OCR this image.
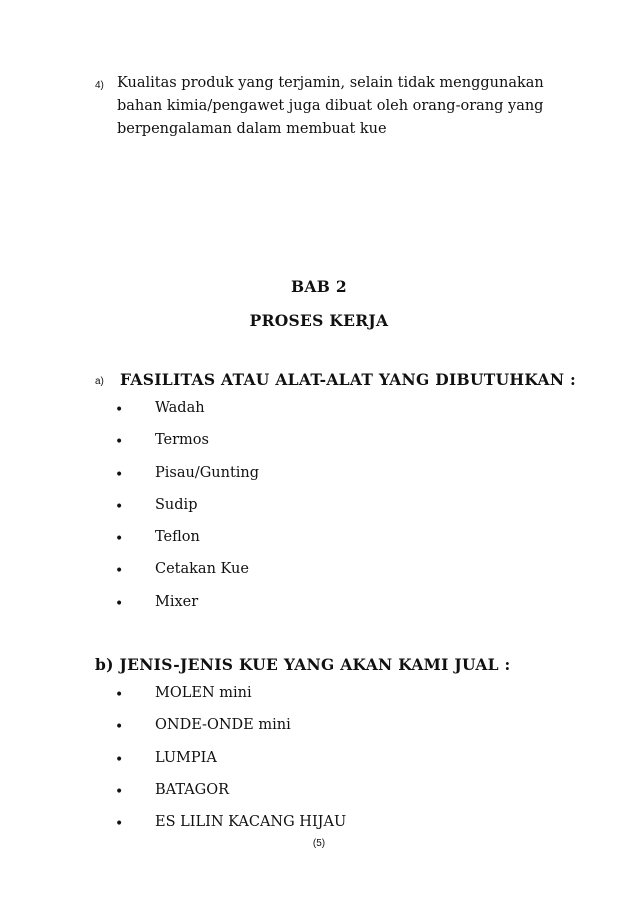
4) Kualitas produk yang terjamin, selain tidak menggunakan bahan kimia/pengawet juga dibuat oleh orang-orang yang berpengalaman dalam membuat kue

BAB 2
PROSES KERJA
a) FASILITAS ATAU ALAT-ALAT YANG DIBUTUHKAN :
• Wadah
• Termos
• Pisau/Gunting
• Sudip
• Teflon
• Cetakan Kue
• Mixer
b) JENIS-JENIS KUE YANG AKAN KAMI JUAL :
• MOLEN mini
• ONDE-ONDE mini
• LUMPIA
• BATAGOR
• ES LILIN KACANG HIJAU
(5)
